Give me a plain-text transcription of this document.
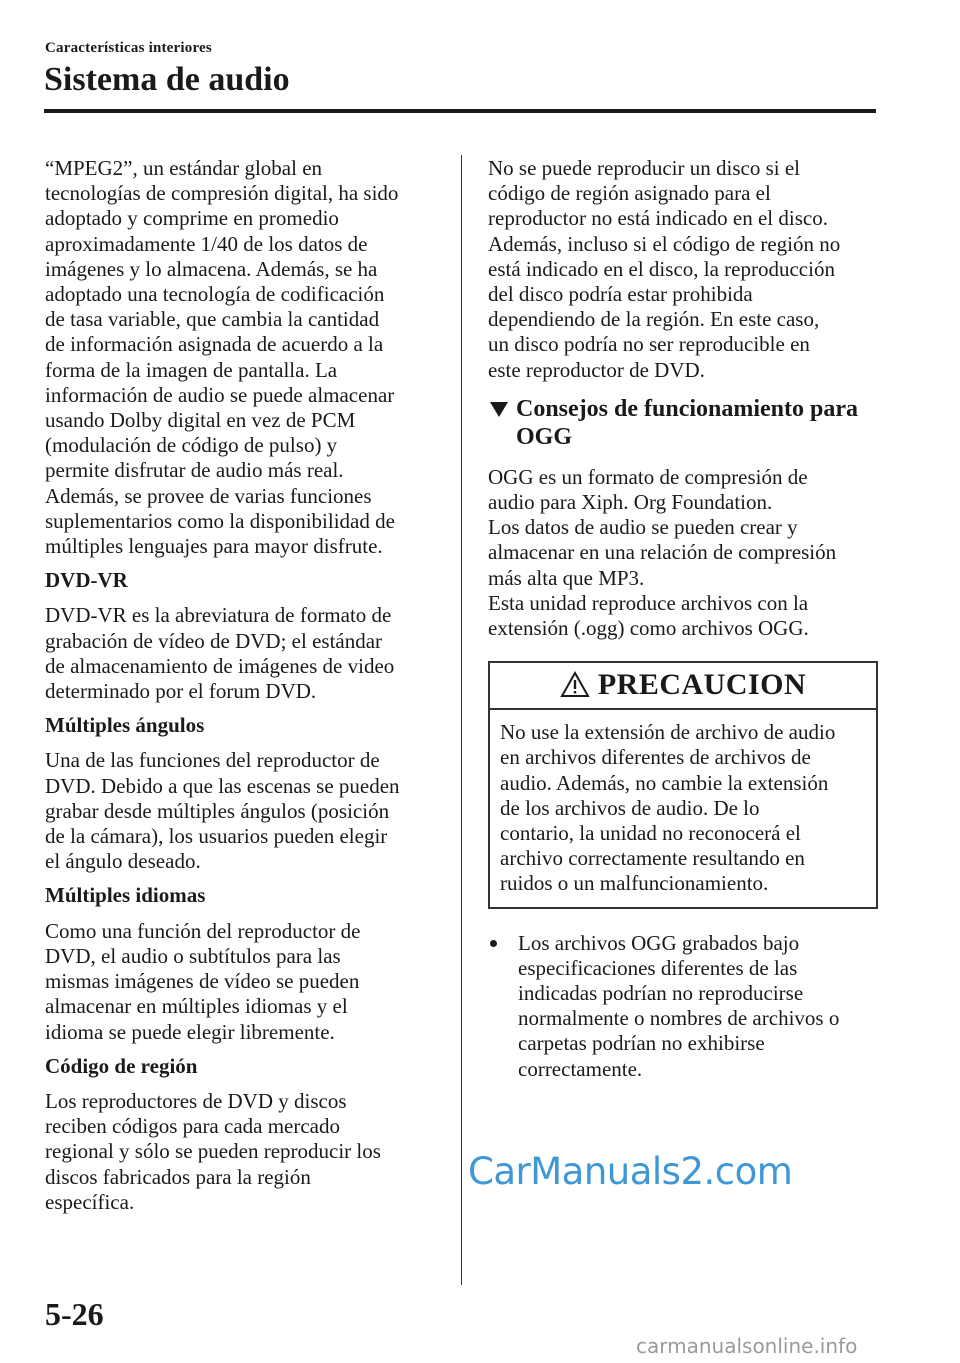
Características interiores
Sistema de audio
“MPEG2”, un estándar global en
tecnologías de compresión digital, ha sido
adoptado y comprime en promedio
aproximadamente 1/40 de los datos de
imágenes y lo almacena. Además, se ha
adoptado una tecnología de codificación
de tasa variable, que cambia la cantidad
de información asignada de acuerdo a la
forma de la imagen de pantalla. La
información de audio se puede almacenar
usando Dolby digital en vez de PCM
(modulación de código de pulso) y
permite disfrutar de audio más real.
Además, se provee de varias funciones
suplementarios como la disponibilidad de
múltiples lenguajes para mayor disfrute.

DVD-VR

DVD-VR es la abreviatura de formato de
grabación de vídeo de DVD; el estándar
de almacenamiento de imágenes de video
determinado por el forum DVD.

Múltiples ángulos

Una de las funciones del reproductor de
DVD. Debido a que las escenas se pueden
grabar desde múltiples ángulos (posición
de la cámara), los usuarios pueden elegir
el ángulo deseado.

Múltiples idiomas

Como una función del reproductor de
DVD, el audio o subtítulos para las
mismas imágenes de vídeo se pueden
almacenar en múltiples idiomas y el
idioma se puede elegir libremente.

Código de región

Los reproductores de DVD y discos
reciben códigos para cada mercado
regional y sólo se pueden reproducir los
discos fabricados para la región
específica.
No se puede reproducir un disco si el
código de región asignado para el
reproductor no está indicado en el disco.
Además, incluso si el código de región no
está indicado en el disco, la reproducción
del disco podría estar prohibida
dependiendo de la región. En este caso,
un disco podría no ser reproducible en
este reproductor de DVD.
Consejos de funcionamiento para
OGG
OGG es un formato de compresión de
audio para Xiph. Org Foundation.
Los datos de audio se pueden crear y
almacenar en una relación de compresión
más alta que MP3.
Esta unidad reproduce archivos con la
extensión (.ogg) como archivos OGG.
PRECAUCION
No use la extensión de archivo de audio
en archivos diferentes de archivos de
audio. Además, no cambie la extensión
de los archivos de audio. De lo
contario, la unidad no reconocerá el
archivo correctamente resultando en
ruidos o un malfuncionamiento.
Los archivos OGG grabados bajo
especificaciones diferentes de las
indicadas podrían no reproducirse
normalmente o nombres de archivos o
carpetas podrían no exhibirse
correctamente.
CarManuals2.com
5-26
carmanualsonline.info
